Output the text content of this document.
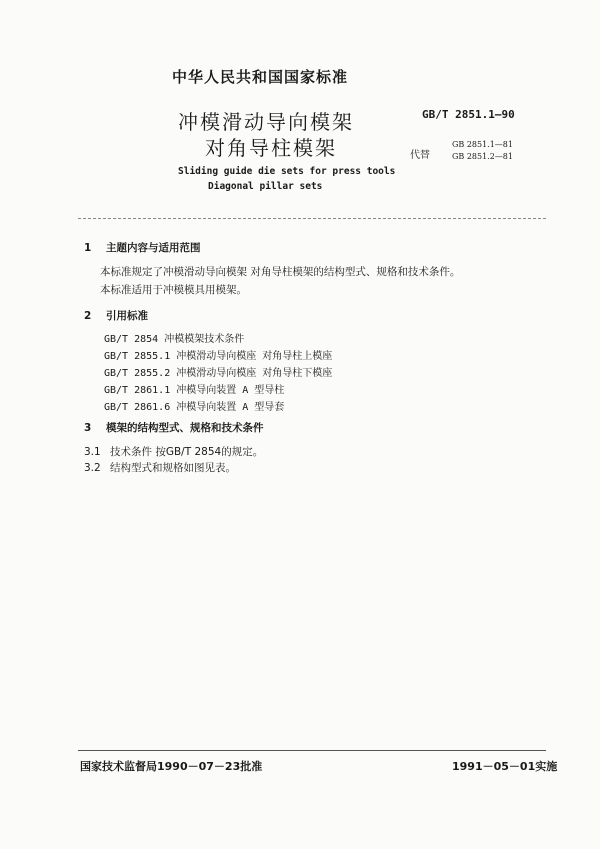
中华人民共和国国家标准
冲模滑动导向模架
对角导柱模架
GB/T 2851.1—90
代替
GB 2851.1—81
GB 2851.2—81
Sliding guide die sets for press tools
Diagonal pillar sets
1 主题内容与适用范围
本标准规定了冲模滑动导向模架 对角导柱模架的结构型式、规格和技术条件。
本标准适用于冲模模具用模架。
2 引用标准
GB/T 2854 冲模模架技术条件
GB/T 2855.1 冲模滑动导向模座 对角导柱上模座
GB/T 2855.2 冲模滑动导向模座 对角导柱下模座
GB/T 2861.1 冲模导向装置 A 型导柱
GB/T 2861.6 冲模导向装置 A 型导套
3 模架的结构型式、规格和技术条件
3.1 技术条件 按GB/T 2854的规定。
3.2 结构型式和规格如图见表。
国家技术监督局1990－07－23批准	1991－05－01实施
